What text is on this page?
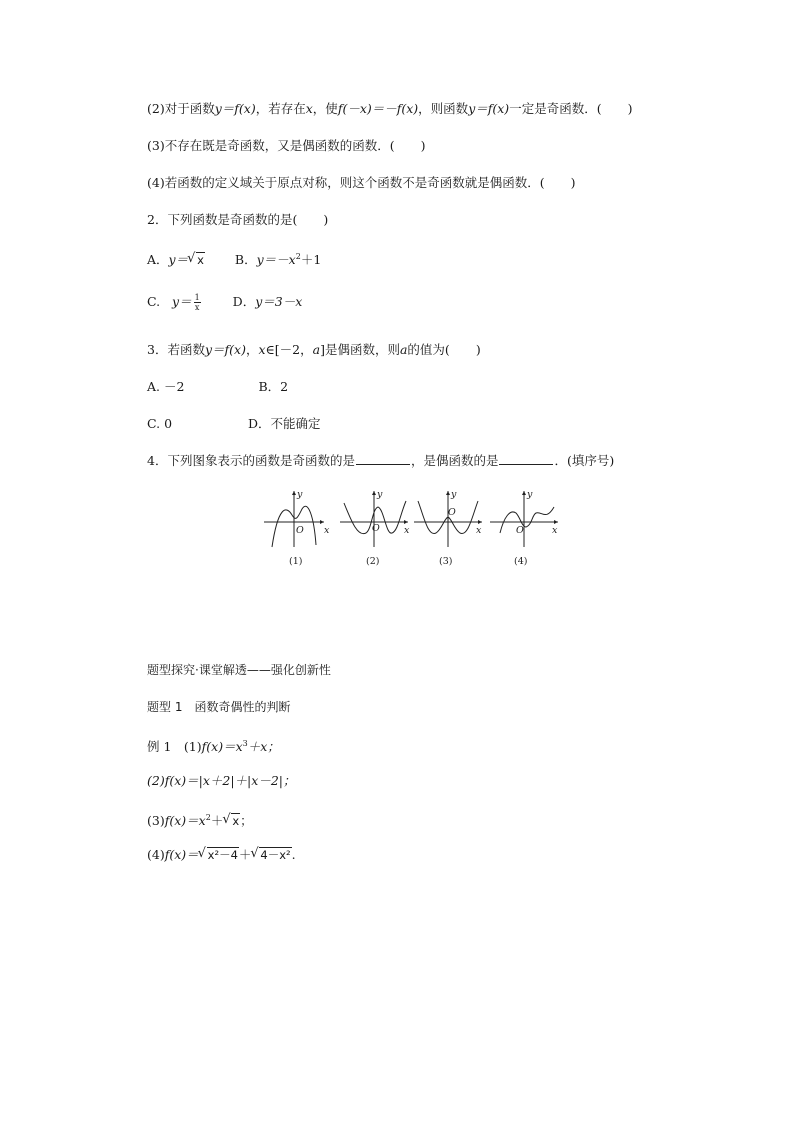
(2)对于函数y＝f(x)，若存在x，使f(－x)＝－f(x)，则函数y＝f(x)一定是奇函数．( )
(3)不存在既是奇函数，又是偶函数的函数．( )
(4)若函数的定义域关于原点对称，则这个函数不是奇函数就是偶函数．( )
2．下列函数是奇函数的是( )
A．y＝√ x B．$y=-x^2+1$
C. $y= \frac{1}{x}$	D．y＝3－x
3．若函数y＝f(x)，x∈[－2，a]是偶函数，则a的值为( )
A. －2	B．2
C. 0	D．不能确定
4．下列图象表示的函数是奇函数的是	，是偶函数的是	．(填序号)
y
x
O
y
x
O
y
x
O
y
x
O
(1)	(2)	(3)	(4)
题型探究·课堂解透——强化创新性
题型 1　函数奇偶性的判断
例 1　$(1)f(x)=x^3+x$；
(2)f(x)＝|x＋2|＋|x－2|；
$(3)f(x)=x^2+√$ x；
(4)f(x)＝√ x²－4＋√ 4－x².
